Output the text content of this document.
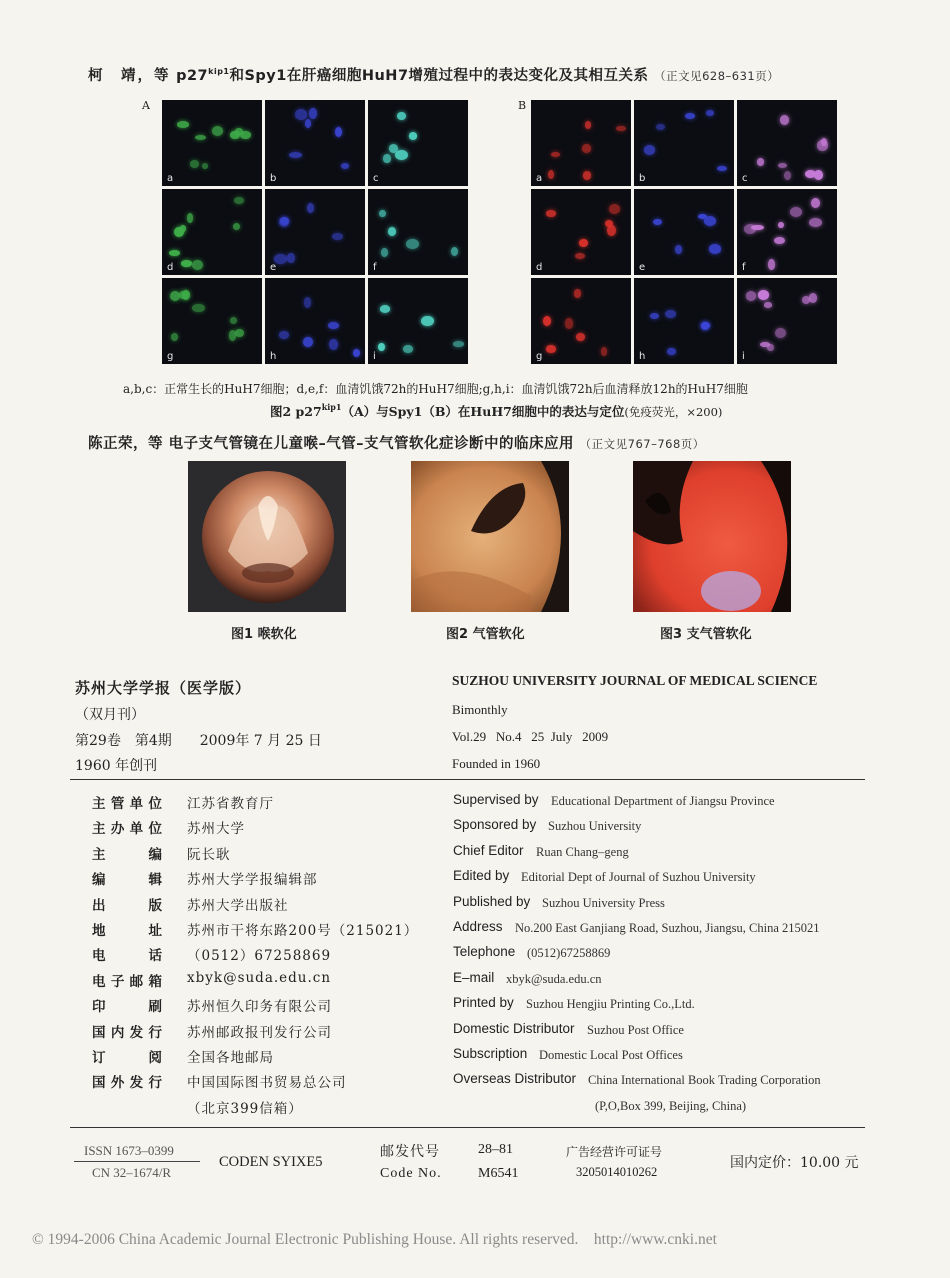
柯　靖，等 $p27^{kip1}$和Spy1在肝癌细胞HuH7增殖过程中的表达变化及其相互关系 （正文见628–631页）
A	B
a	b	c
d	e	f
g	h	i
a	b	c
d	e	f
g	h	i
a,b,c：正常生长的HuH7细胞；d,e,f：血清饥饿72h的HuH7细胞;g,h,i：血清饥饿72h后血清释放12h的HuH7细胞
图2 $p27^{kip1}(A)$与Spy1（B）在HuH7细胞中的表达与定位(免疫荧光，×200)
陈正荣，等 电子支气管镜在儿童喉–气管–支气管软化症诊断中的临床应用 （正文见767–768页）
图1 喉软化	图2 气管软化	图3 支气管软化
苏州大学学报（医学版）
（双月刊）
第29卷　第4期　　2009年 7 月 25 日
1960 年创刊
SUZHOU UNIVERSITY JOURNAL OF MEDICAL SCIENCE
Bimonthly
Vol.29   No.4   25  July   2009
Founded in 1960
主管单位 江苏省教育厅	Supervised by Educational Department of Jiangsu Province
主办单位 苏州大学	Sponsored by Suzhou University
主编 阮长耿	Chief Editor Ruan Chang–geng
编辑 苏州大学学报编辑部	Edited by Editorial Dept of Journal of Suzhou University
出版 苏州大学出版社	Published by Suzhou University Press
地址 苏州市干将东路200号（215021）	Address No.200 East Ganjiang Road, Suzhou, Jiangsu, China 215021
电话 （0512）67258869	Telephone (0512)67258869
电子邮箱 xbyk@suda.edu.cn	E–mail xbyk@suda.edu.cn
印刷 苏州恒久印务有限公司	Printed by Suzhou Hengjiu Printing Co.,Ltd.
国内发行 苏州邮政报刊发行公司	Domestic Distributor Suzhou Post Office
订阅 全国各地邮局	Subscription Domestic Local Post Offices
国外发行 中国国际图书贸易总公司	Overseas Distributor China International Book Trading Corporation
（北京399信箱）	(P,O,Box 399, Beijing, China)
ISSN 1673–0399
CN 32–1674/R
CODEN SYIXE5
邮发代号	28–81
Code No.	M6541
广告经营许可证号
3205014010262
国内定价：10.00 元
© 1994-2006 China Academic Journal Electronic Publishing House. All rights reserved.    http://www.cnki.net
